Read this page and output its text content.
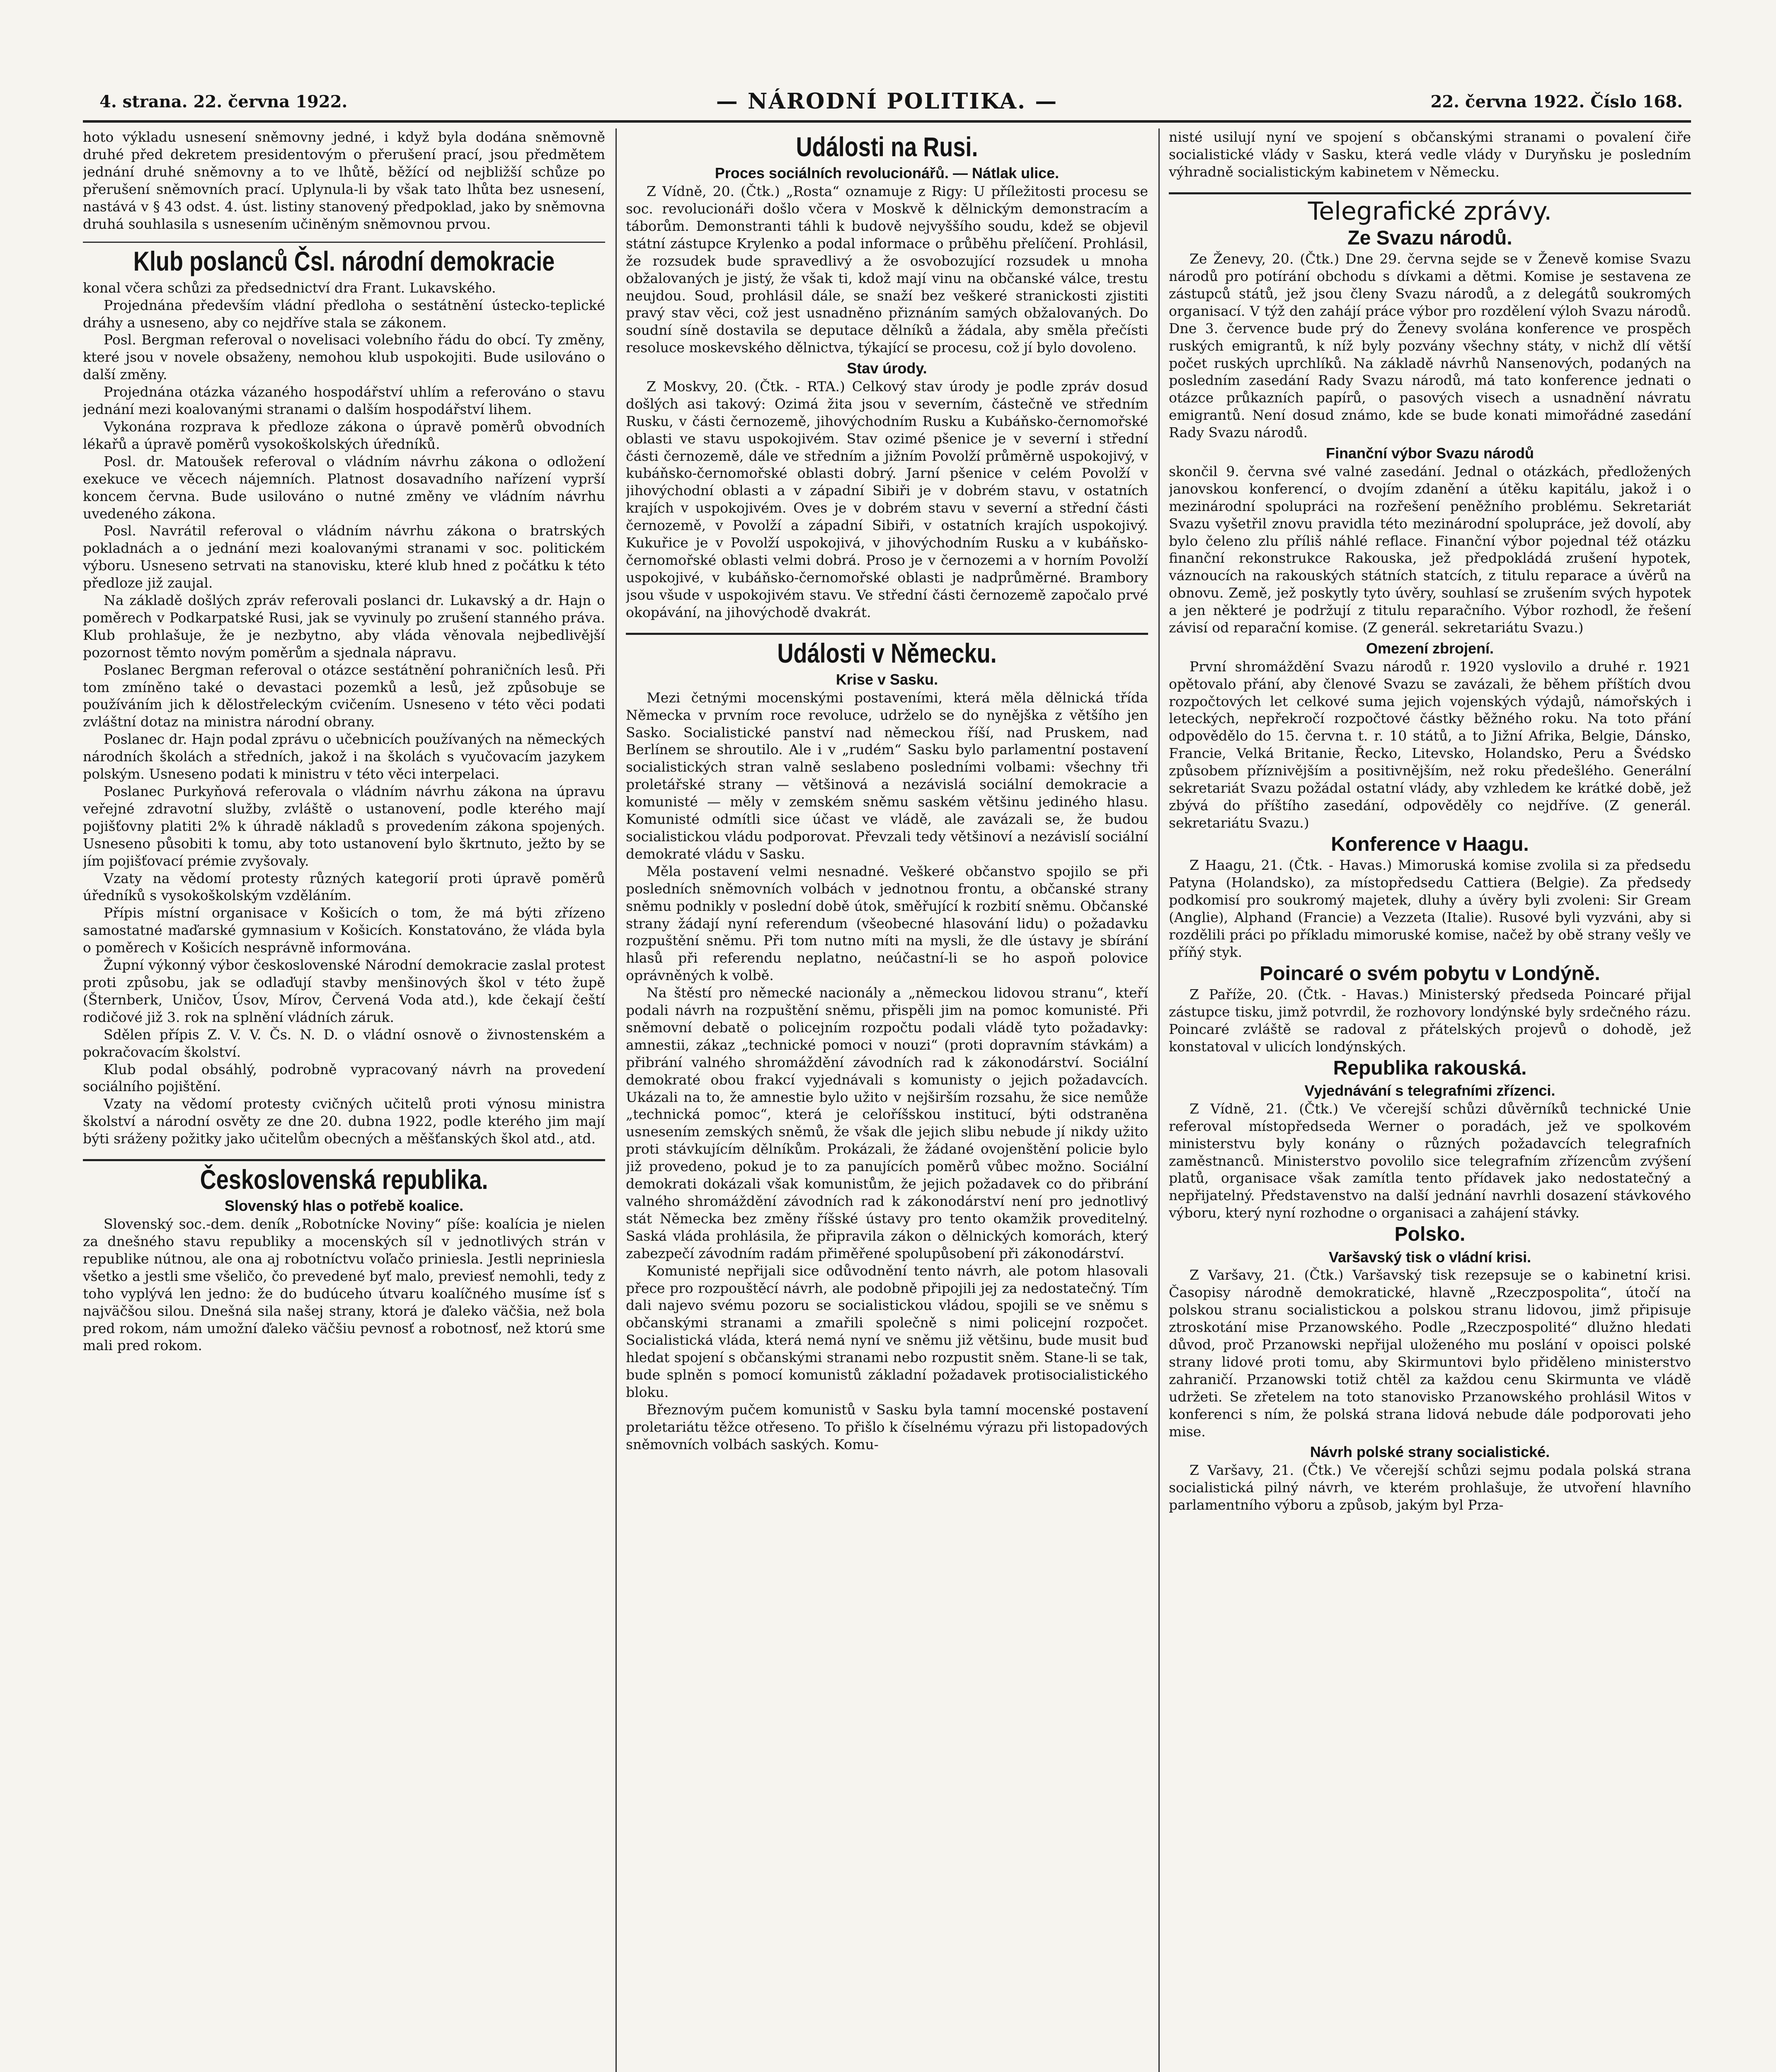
4. strana. 22. června 1922.	— NÁRODNÍ POLITIKA. —	22. června 1922. Číslo 168.

hoto výkladu usnesení sněmovny jedné, i když byla dodána sněmovně druhé před dekretem presidentovým o přerušení prací, jsou předmětem jednání druhé sněmovny a to ve lhůtě, běžící od nejbližší schůze po přerušení sněmovních prací. Uplynula-li by však tato lhůta bez usnesení, nastává v § 43 odst. 4. úst. listiny stanovený předpoklad, jako by sněmovna druhá souhlasila s usnesením učiněným sněmovnou prvou.

Klub poslanců Čsl. národní demokracie

konal včera schůzi za předsednictví dra Frant. Lukavského.

Projednána především vládní předloha o sestátnění ústecko-teplické dráhy a usneseno, aby co nejdříve stala se zákonem.

Posl. Bergman referoval o novelisaci volebního řádu do obcí. Ty změny, které jsou v novele obsaženy, nemohou klub uspokojiti. Bude usilováno o další změny.

Projednána otázka vázaného hospodářství uhlím a referováno o stavu jednání mezi koalovanými stranami o dalším hospodářství lihem.

Vykonána rozprava k předloze zákona o úpravě poměrů obvodních lékařů a úpravě poměrů vysokoškolských úředníků.

Posl. dr. Matoušek referoval o vládním návrhu zákona o odložení exekuce ve věcech nájemních. Platnost dosavadního nařízení vyprší koncem června. Bude usilováno o nutné změny ve vládním návrhu uvedeného zákona.

Posl. Navrátil referoval o vládním návrhu zákona o bratrských pokladnách a o jednání mezi koalovanými stranami v soc. politickém výboru. Usneseno setrvati na stanovisku, které klub hned z počátku k této předloze již zaujal.

Na základě došlých zpráv referovali poslanci dr. Lukavský a dr. Hajn o poměrech v Podkarpatské Rusi, jak se vyvinuly po zrušení stanného práva. Klub prohlašuje, že je nezbytno, aby vláda věnovala nejbedlivější pozornost těmto novým poměrům a sjednala nápravu.

Poslanec Bergman referoval o otázce sestátnění pohraničních lesů. Při tom zmíněno také o devastaci pozemků a lesů, jež způsobuje se používáním jich k dělostřeleckým cvičením. Usneseno v této věci podati zvláštní dotaz na ministra národní obrany.

Poslanec dr. Hajn podal zprávu o učebnicích používaných na německých národních školách a středních, jakož i na školách s vyučovacím jazykem polským. Usneseno podati k ministru v této věci interpelaci.

Poslanec Purkyňová referovala o vládním návrhu zákona na úpravu veřejné zdravotní služby, zvláště o ustanovení, podle kterého mají pojišťovny platiti 2% k úhradě nákladů s provedením zákona spojených. Usneseno působiti k tomu, aby toto ustanovení bylo škrtnuto, ježto by se jím pojišťovací prémie zvyšovaly.

Vzaty na vědomí protesty různých kategorií proti úpravě poměrů úředníků s vysokoškolským vzděláním.

Přípis místní organisace v Košicích o tom, že má býti zřízeno samostatné maďarské gymnasium v Košicích. Konstatováno, že vláda byla o poměrech v Košicích nesprávně informována.

Župní výkonný výbor československé Národní demokracie zaslal protest proti způsobu, jak se odlaďují stavby menšinových škol v této župě (Šternberk, Uničov, Úsov, Mírov, Červená Voda atd.), kde čekají čeští rodičové již 3. rok na splnění vládních záruk.

Sdělen přípis Z. V. V. Čs. N. D. o vládní osnově o živnostenském a pokračovacím školství.

Klub podal obsáhlý, podrobně vypracovaný návrh na provedení sociálního pojištění.

Vzaty na vědomí protesty cvičných učitelů proti výnosu ministra školství a národní osvěty ze dne 20. dubna 1922, podle kterého jim mají býti sráženy požitky jako učitelům obecných a měšťanských škol atd., atd.

Československá republika.
Slovenský hlas o potřebě koalice.

Slovenský soc.-dem. deník „Robotnícke Noviny“ píše: koalícia je nielen za dnešného stavu republiky a mocenských síl v jednotlivých strán v republike nútnou, ale ona aj robotníctvu voľačo priniesla. Jestli nepriniesla všetko a jestli sme všeličo, čo prevedené byť malo, previesť nemohli, tedy z toho vyplývá len jedno: že do budúceho útvaru koalíčného musíme ísť s najväčšou silou. Dnešná sila našej strany, ktorá je ďaleko väčšia, než bola pred rokom, nám umožní ďaleko väčšiu pevnosť a robotnosť, než ktorú sme mali pred rokom.

Události na Rusi.
Proces sociálních revolucionářů. — Nátlak ulice.

Z Vídně, 20. (Čtk.) „Rosta“ oznamuje z Rigy: U příležitosti procesu se soc. revolucionáři došlo včera v Moskvě k dělnickým demonstracím a táborům. Demonstranti táhli k budově nejvyššího soudu, kdež se objevil státní zástupce Krylenko a podal informace o průběhu přelíčení. Prohlásil, že rozsudek bude spravedlivý a že osvobozující rozsudek u mnoha obžalovaných je jistý, že však ti, kdož mají vinu na občanské válce, trestu neujdou. Soud, prohlásil dále, se snaží bez veškeré stranickosti zjistiti pravý stav věci, což jest usnadněno přiznáním samých obžalovaných. Do soudní síně dostavila se deputace dělníků a žádala, aby směla přečísti resoluce moskevského dělnictva, týkající se procesu, což jí bylo dovoleno.

Stav úrody.

Z Moskvy, 20. (Čtk. - RTA.) Celkový stav úrody je podle zpráv dosud došlých asi takový: Ozimá žita jsou v severním, částečně ve středním Rusku, v části černozemě, jihovýchodním Rusku a Kubáňsko-černomořské oblasti ve stavu uspokojivém. Stav ozimé pšenice je v severní i střední části černozemě, dále ve středním a jižním Povolží průměrně uspokojivý, v kubáňsko-černomořské oblasti dobrý. Jarní pšenice v celém Povolží v jihovýchodní oblasti a v západní Sibiři je v dobrém stavu, v ostatních krajích v uspokojivém. Oves je v dobrém stavu v severní a střední části černozemě, v Povolží a západní Sibiři, v ostatních krajích uspokojivý. Kukuřice je v Povolží uspokojivá, v jihovýchodním Rusku a v kubáňsko-černomořské oblasti velmi dobrá. Proso je v černozemi a v horním Povolží uspokojivé, v kubáňsko-černomořské oblasti je nadprůměrné. Brambory jsou všude v uspokojivém stavu. Ve střední části černozemě započalo prvé okopávání, na jihovýchodě dvakrát.

Události v Německu.
Krise v Sasku.

Mezi četnými mocenskými postaveními, která měla dělnická třída Německa v prvním roce revoluce, udrželo se do nynějška z většího jen Sasko. Socialistické panství nad německou říší, nad Pruskem, nad Berlínem se shroutilo. Ale i v „rudém“ Sasku bylo parlamentní postavení socialistických stran valně seslabeno posledními volbami: všechny tři proletářské strany — většinová a nezávislá sociální demokracie a komunisté — měly v zemském sněmu saském většinu jediného hlasu. Komunisté odmítli sice účast ve vládě, ale zavázali se, že budou socialistickou vládu podporovat. Převzali tedy většinoví a nezávislí sociální demokraté vládu v Sasku.

Měla postavení velmi nesnadné. Veškeré občanstvo spojilo se při posledních sněmovních volbách v jednotnou frontu, a občanské strany sněmu podnikly v poslední době útok, směřující k rozbití sněmu. Občanské strany žádají nyní referendum (všeobecné hlasování lidu) o požadavku rozpuštění sněmu. Při tom nutno míti na mysli, že dle ústavy je sbírání hlasů při referendu neplatno, neúčastní-li se ho aspoň polovice oprávněných k volbě.

Na štěstí pro německé nacionály a „německou lidovou stranu“, kteří podali návrh na rozpuštění sněmu, přispěli jim na pomoc komunisté. Při sněmovní debatě o policejním rozpočtu podali vládě tyto požadavky: amnestii, zákaz „technické pomoci v nouzi“ (proti dopravním stávkám) a přibrání valného shromáždění závodních rad k zákonodárství. Sociální demokraté obou frakcí vyjednávali s komunisty o jejich požadavcích. Ukázali na to, že amnestie bylo užito v nejširším rozsahu, že sice nemůže „technická pomoc“, která je celoříšskou institucí, býti odstraněna usnesením zemských sněmů, že však dle jejich slibu nebude jí nikdy užito proti stávkujícím dělníkům. Prokázali, že žádané ovojenštění policie bylo již provedeno, pokud je to za panujících poměrů vůbec možno. Sociální demokrati dokázali však komunistům, že jejich požadavek co do přibrání valného shromáždění závodních rad k zákonodárství není pro jednotlivý stát Německa bez změny říšské ústavy pro tento okamžik proveditelný. Saská vláda prohlásila, že připravila zákon o dělnických komorách, který zabezpečí závodním radám přiměřené spolupůsobení při zákonodárství.

Komunisté nepřijali sice odůvodnění tento návrh, ale potom hlasovali přece pro rozpouštěcí návrh, ale podobně připojili jej za nedostatečný. Tím dali najevo svému pozoru se socialistickou vládou, spojili se ve sněmu s občanskými stranami a zmařili společně s nimi policejní rozpočet. Socialistická vláda, která nemá nyní ve sněmu již většinu, bude musit buď hledat spojení s občanskými stranami nebo rozpustit sněm. Stane-li se tak, bude splněn s pomocí komunistů základní požadavek protisocialistického bloku.

Březnovým pučem komunistů v Sasku byla tamní mocenské postavení proletariátu těžce otřeseno. To přišlo k číselnému výrazu při listopadových sněmovních volbách saských. Komu-

nisté usilují nyní ve spojení s občanskými stranami o povalení čiře socialistické vlády v Sasku, která vedle vlády v Duryňsku je posledním výhradně socialistickým kabinetem v Německu.

Telegrafické zprávy.
Ze Svazu národů.

Ze Ženevy, 20. (Čtk.) Dne 29. června sejde se v Ženevě komise Svazu národů pro potírání obchodu s dívkami a dětmi. Komise je sestavena ze zástupců států, jež jsou členy Svazu národů, a z delegátů soukromých organisací. V týž den zahájí práce výbor pro rozdělení výloh Svazu národů. Dne 3. července bude prý do Ženevy svolána konference ve prospěch ruských emigrantů, k níž byly pozvány všechny státy, v nichž dlí větší počet ruských uprchlíků. Na základě návrhů Nansenových, podaných na posledním zasedání Rady Svazu národů, má tato konference jednati o otázce průkazních papírů, o pasových visech a usnadnění návratu emigrantů. Není dosud známo, kde se bude konati mimořádné zasedání Rady Svazu národů.

Finanční výbor Svazu národů

skončil 9. června své valné zasedání. Jednal o otázkách, předložených janovskou konferencí, o dvojím zdanění a útěku kapitálu, jakož i o mezinárodní spolupráci na rozřešení peněžního problému. Sekretariát Svazu vyšetřil znovu pravidla této mezinárodní spolupráce, jež dovolí, aby bylo čeleno zlu příliš náhlé reflace. Finanční výbor pojednal též otázku finanční rekonstrukce Rakouska, jež předpokládá zrušení hypotek, váznoucích na rakouských státních statcích, z titulu reparace a úvěrů na obnovu. Země, jež poskytly tyto úvěry, souhlasí se zrušením svých hypotek a jen některé je podržují z titulu reparačního. Výbor rozhodl, že řešení závisí od reparační komise. (Z generál. sekretariátu Svazu.)

Omezení zbrojení.

První shromáždění Svazu národů r. 1920 vyslovilo a druhé r. 1921 opětovalo přání, aby členové Svazu se zavázali, že během příštích dvou rozpočtových let celkové suma jejich vojenských výdajů, námořských i leteckých, nepřekročí rozpočtové částky běžného roku. Na toto přání odpovědělo do 15. června t. r. 10 států, a to Jižní Afrika, Belgie, Dánsko, Francie, Velká Britanie, Řecko, Litevsko, Holandsko, Peru a Švédsko způsobem příznivějším a positivnějším, než roku předešlého. Generální sekretariát Svazu požádal ostatní vlády, aby vzhledem ke krátké době, jež zbývá do příštího zasedání, odpověděly co nejdříve. (Z generál. sekretariátu Svazu.)

Konference v Haagu.

Z Haagu, 21. (Čtk. - Havas.) Mimoruská komise zvolila si za předsedu Patyna (Holandsko), za místopředsedu Cattiera (Belgie). Za předsedy podkomisí pro soukromý majetek, dluhy a úvěry byli zvoleni: Sir Gream (Anglie), Alphand (Francie) a Vezzeta (Italie). Rusové byli vyzváni, aby si rozdělili práci po příkladu mimoruské komise, načež by obě strany vešly ve příňý styk.

Poincaré o svém pobytu v Londýně.

Z Paříže, 20. (Čtk. - Havas.) Ministerský předseda Poincaré přijal zástupce tisku, jimž potvrdil, že rozhovory londýnské byly srdečného rázu. Poincaré zvláště se radoval z přátelských projevů o dohodě, jež konstatoval v ulicích londýnských.

Republika rakouská.
Vyjednávání s telegrafními zřízenci.

Z Vídně, 21. (Čtk.) Ve včerejší schůzi důvěrníků technické Unie referoval místopředseda Werner o poradách, jež ve spolkovém ministerstvu byly konány o různých požadavcích telegrafních zaměstnanců. Ministerstvo povolilo sice telegrafním zřízencům zvýšení platů, organisace však zamítla tento přídavek jako nedostatečný a nepřijatelný. Představenstvo na další jednání navrhli dosazení stávkového výboru, který nyní rozhodne o organisaci a zahájení stávky.

Polsko.
Varšavský tisk o vládní krisi.

Z Varšavy, 21. (Čtk.) Varšavský tisk rezepsuje se o kabinetní krisi. Časopisy národně demokratické, hlavně „Rzeczpospolita“, útočí na polskou stranu socialistickou a polskou stranu lidovou, jimž připisuje ztroskotání mise Przanowského. Podle „Rzeczpospolité“ dlužno hledati důvod, proč Przanowski nepřijal uloženého mu poslání v opoisci polské strany lidové proti tomu, aby Skirmuntovi bylo přiděleno ministerstvo zahraničí. Przanowski totiž chtěl za každou cenu Skirmunta ve vládě udržeti. Se zřetelem na toto stanovisko Przanowského prohlásil Witos v konferenci s ním, že polská strana lidová nebude dále podporovati jeho mise.

Návrh polské strany socialistické.

Z Varšavy, 21. (Čtk.) Ve včerejší schůzi sejmu podala polská strana socialistická pilný návrh, ve kterém prohlašuje, že utvoření hlavního parlamentního výboru a způsob, jakým byl Prza-
